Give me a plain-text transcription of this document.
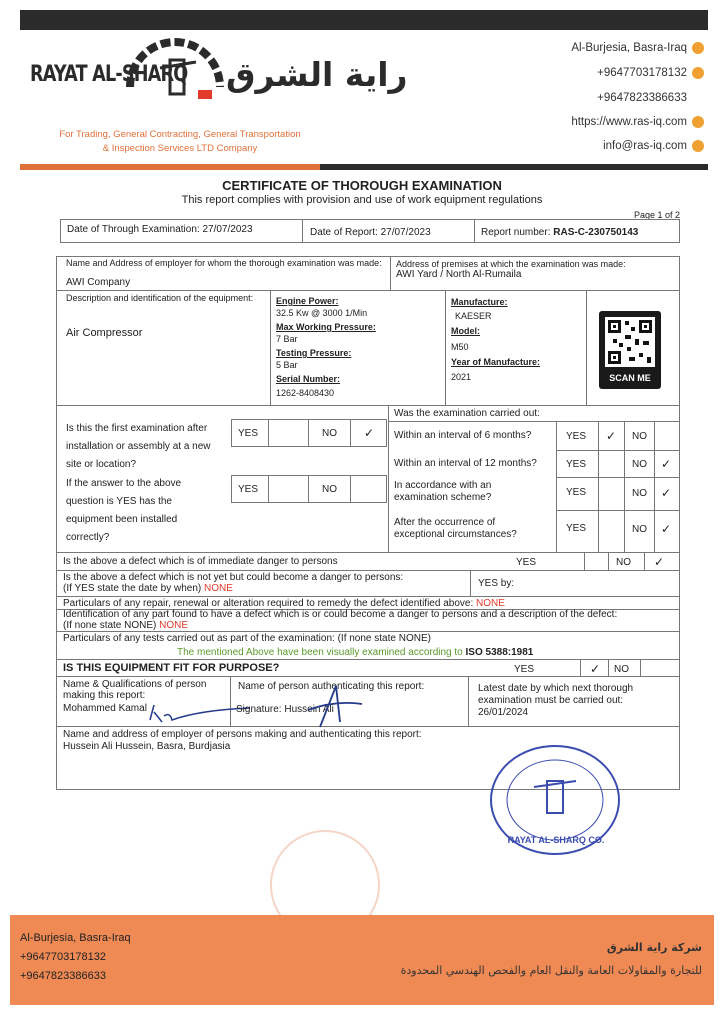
RAYAT AL-SHARQ راية الشرق
For Trading, General Contracting, General Transportation
& Inspection Services LTD Company
Al-Burjesia, Basra-Iraq
+9647703178132
+9647823386633
https://www.ras-iq.com
info@ras-iq.com
CERTIFICATE OF THOROUGH EXAMINATION
This report complies with provision and use of work equipment regulations
Page 1 of 2
Date of Through Examination: 27/07/2023	Date of Report: 27/07/2023	Report number: RAS-C-230750143
Name and Address of employer for whom the thorough examination was made:
AWI Company
Address of premises at which the examination was made:
AWI Yard / North Al-Rumaila
Description and identification of the equipment:
Air Compressor
Engine Power:
32.5 Kw @ 3000 1/Min
Max Working Pressure:
7 Bar
Testing Pressure:
5 Bar
Serial Number:
1262-8408430
Manufacture:
KAESER
Model:
M50
Year of Manufacture:
2021	SCAN ME
Is this the first examination after
installation or assembly at a new
site or location?
YES	NO ✓
If the answer to the above
question is YES has the
equipment been installed
correctly?
YES	NO
Was the examination carried out:
Within an interval of 6 months?	YES ✓ NO
Within an interval of 12 months?	YES	NO ✓
In accordance with an
examination scheme?	YES	NO ✓
After the occurrence of
exceptional circumstances?
YES	NO ✓
Is the above a defect which is of immediate danger to persons	YES	NO ✓
Is the above a defect which is not yet but could become a danger to persons:
(If YES state the date by when) NONE	YES by:
Particulars of any repair, renewal or alteration required to remedy the defect identified above: NONE
Identification of any part found to have a defect which is or could become a danger to persons and a description of the defect:
(If none state NONE) NONE
Particulars of any tests carried out as part of the examination: (If none state NONE)
The mentioned Above have been visually examined according to ISO 5388:1981
IS THIS EQUIPMENT FIT FOR PURPOSE?	YES	✓ NO
Name & Qualifications of person
making this report:
Mohammed Kamal
Name of person authenticating this report:
Signature: Hussein Ali
Latest date by which next thorough
examination must be carried out:
26/01/2024
Name and address of employer of persons making and authenticating this report:
Hussein Ali Hussein, Basra, Burdjasia
RAYAT AL-SHARQ CO.
Al-Burjesia, Basra-Iraq
+9647703178132
+9647823386633
شركة راية الشرق
للتجارة والمقاولات العامة والنقل العام والفحص الهندسي المحدودة
